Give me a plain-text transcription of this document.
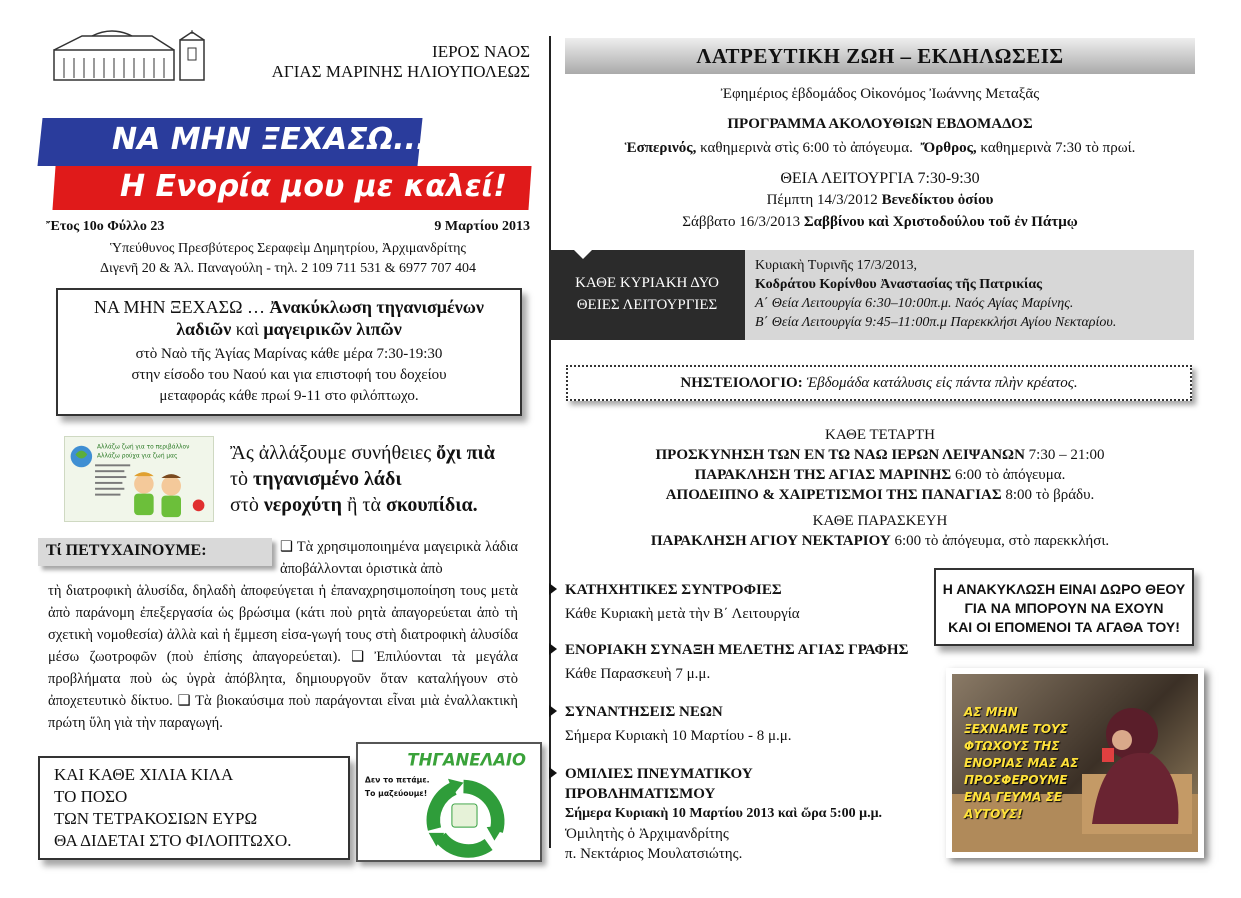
ΙΕΡΟΣ ΝΑΟΣ
ΑΓΙΑΣ ΜΑΡΙΝΗΣ ΗΛΙΟΥΠΟΛΕΩΣ
ΝΑ ΜΗΝ ΞΕΧΑΣΩ...
Η Ενορία μου με καλεί!
Ἔτος 10ο Φύλλο 23	9 Μαρτίου 2013
Ὑπεύθυνος Πρεσβύτερος Σεραφεὶμ Δημητρίου, Ἀρχιμανδρίτης
Διγενῆ 20 & Ἀλ. Παναγούλη - τηλ. 2 109 711 531 & 6977 707 404
ΝΑ ΜΗΝ ΞΕΧΑΣΩ … Ἀνακύκλωση τηγανισμένων
λαδιῶν καὶ μαγειρικῶν λιπῶν
στὸ Ναὸ τῆς Ἁγίας Μαρίνας κάθε μέρα 7:30-19:30
στην είσοδο του Ναού και για επιστοφή του δοχείου
μεταφοράς κάθε πρωί 9-11 στο φιλόπτωχο.
Αλλάζω ζωή για το περιβάλλον
Αλλάζω ρούχα για ζωή μας	Ἂς ἀλλάξουμε συνήθειες ὄχι πιὰ
τὸ τηγανισμένο λάδι
στὸ νεροχύτη ἢ τὰ σκουπίδια.
❑ Τὰ χρησιμοποιημένα μαγειρικὰ λάδια ἀποβάλλονται ὁριστικὰ ἀπὸ
τὴ διατροφικὴ ἁλυσίδα, δηλαδὴ ἀποφεύγεται ἡ ἐπαναχρησιμοποίηση τους μετὰ ἀπὸ παράνομη ἐπεξεργασία ὡς βρώσιμα (κάτι ποὺ ρητὰ ἀπαγορεύεται ἀπὸ τὴ σχετικὴ νομοθεσία) ἀλλὰ καὶ ἡ ἔμμεση εἰσα-γωγή τους στὴ διατροφικὴ ἁλυσίδα μέσω ζωοτροφῶν (ποὺ ἐπίσης ἀπαγορεύεται). ❑ Ἐπιλύονται τὰ μεγάλα προβλήματα ποὺ ὡς ὑγρὰ ἀπόβλητα, δημιουργοῦν ὅταν καταλήγουν στὸ ἀποχετευτικὸ δίκτυο. ❑ Τὰ βιοκαύσιμα ποὺ παράγονται εἶναι μιὰ ἐναλλακτικὴ πρώτη ὕλη γιὰ τὴν παραγωγή.
Τί ΠΕΤΥΧΑΙΝΟΥΜΕ:
ΚΑΙ ΚΑΘΕ ΧΙΛΙΑ ΚΙΛΑ
ΤΟ ΠΟΣΟ
ΤΩΝ ΤΕΤΡΑΚΟΣΙΩΝ ΕΥΡΩ
ΘΑ ΔΙΔΕΤΑΙ ΣΤΟ ΦΙΛΟΠΤΩΧΟ.
ΤΗΓΑΝΕΛΑΙΟ
Δεν το πετάμε.
Το μαζεύουμε!
ΛΑΤΡΕΥΤΙΚΗ ΖΩΗ – ΕΚΔΗΛΩΣΕΙΣ
Ἐφημέριος ἑβδομάδος Οἰκονόμος Ἰωάννης Μεταξᾶς
ΠΡΟΓΡΑΜΜΑ ΑΚΟΛΟΥΘΙΩΝ ΕΒΔΟΜΑΔΟΣ
Ἑσπερινός, καθημερινὰ στὶς 6:00 τὸ ἀπόγευμα. Ὄρθρος, καθημερινὰ 7:30 τὸ πρωί.
ΘΕΙΑ ΛΕΙΤΟΥΡΓΙΑ 7:30-9:30
Πέμπτη 14/3/2012 Βενεδίκτου ὁσίου
Σάββατο 16/3/2013 Σαββίνου καὶ Χριστοδούλου τοῦ ἐν Πάτμῳ
ΚΑΘΕ ΚΥΡΙΑΚΗ ΔΥΟ
ΘΕΙΕΣ ΛΕΙΤΟΥΡΓΙΕΣ
Κυριακὴ Τυρινῆς 17/3/2013,
Κοδράτου Κορίνθου Ἀναστασίας τῆς Πατρικίας
Α΄ Θεία Λειτουργία 6:30–10:00π.μ. Ναός Αγίας Μαρίνης.
Β΄ Θεία Λειτουργία 9:45–11:00π.μ Παρεκκλήσι Αγίου Νεκταρίου.
ΝΗΣΤΕΙΟΛΟΓΙΟ: Ἑβδομάδα κατάλυσις εἰς πάντα πλὴν κρέατος.
ΚΑΘΕ ΤΕΤΑΡΤΗ
ΠΡΟΣΚΥΝΗΣΗ ΤΩΝ ΕΝ ΤΩ ΝΑΩ ΙΕΡΩΝ ΛΕΙΨΑΝΩΝ 7:30 – 21:00
ΠΑΡΑΚΛΗΣΗ ΤΗΣ ΑΓΙΑΣ ΜΑΡΙΝΗΣ 6:00 τὸ ἀπόγευμα.
ΑΠΟΔΕΙΠΝΟ & ΧΑΙΡΕΤΙΣΜΟΙ ΤΗΣ ΠΑΝΑΓΙΑΣ 8:00 τὸ βράδυ.
ΚΑΘΕ ΠΑΡΑΣΚΕΥΗ
ΠΑΡΑΚΛΗΣΗ ΑΓΙΟΥ ΝΕΚΤΑΡΙΟΥ 6:00 τὸ ἀπόγευμα, στὸ παρεκκλήσι.
ΚΑΤΗΧΗΤΙΚΕΣ ΣΥΝΤΡΟΦΙΕΣ
Κάθε Κυριακὴ μετὰ τὴν Β΄ Λειτουργία
ΕΝΟΡΙΑΚΗ ΣΥΝΑΞΗ ΜΕΛΕΤΗΣ ΑΓΙΑΣ ΓΡΑΦΗΣ
Κάθε Παρασκευὴ 7 μ.μ.
ΣΥΝΑΝΤΗΣΕΙΣ ΝΕΩΝ
Σήμερα Κυριακὴ 10 Μαρτίου - 8 μ.μ.
ΟΜΙΛΙΕΣ ΠΝΕΥΜΑΤΙΚΟΥ
ΠΡΟΒΛΗΜΑΤΙΣΜΟΥ
Σήμερα Κυριακὴ 10 Μαρτίου 2013 καὶ ὥρα 5:00 μ.μ.
Ὁμιλητὴς ὁ Ἀρχιμανδρίτης
π. Νεκτάριος Μουλατσιώτης.
Η ΑΝΑΚΥΚΛΩΣΗ ΕΙΝΑΙ ΔΩΡΟ ΘΕΟΥ
ΓΙΑ ΝΑ ΜΠΟΡΟΥΝ ΝΑ ΕΧΟΥΝ
ΚΑΙ ΟΙ ΕΠΟΜΕΝΟΙ ΤΑ ΑΓΑΘΑ ΤΟΥ!
ΑΣ ΜΗΝ ΞΕΧΝΑΜΕ ΤΟΥΣ ΦΤΩΧΟΥΣ ΤΗΣ ΕΝΟΡΙΑΣ ΜΑΣ ΑΣ ΠΡΟΣΦΕΡΟΥΜΕ ΕΝΑ ΓΕΥΜΑ ΣΕ ΑΥΤΟΥΣ!
